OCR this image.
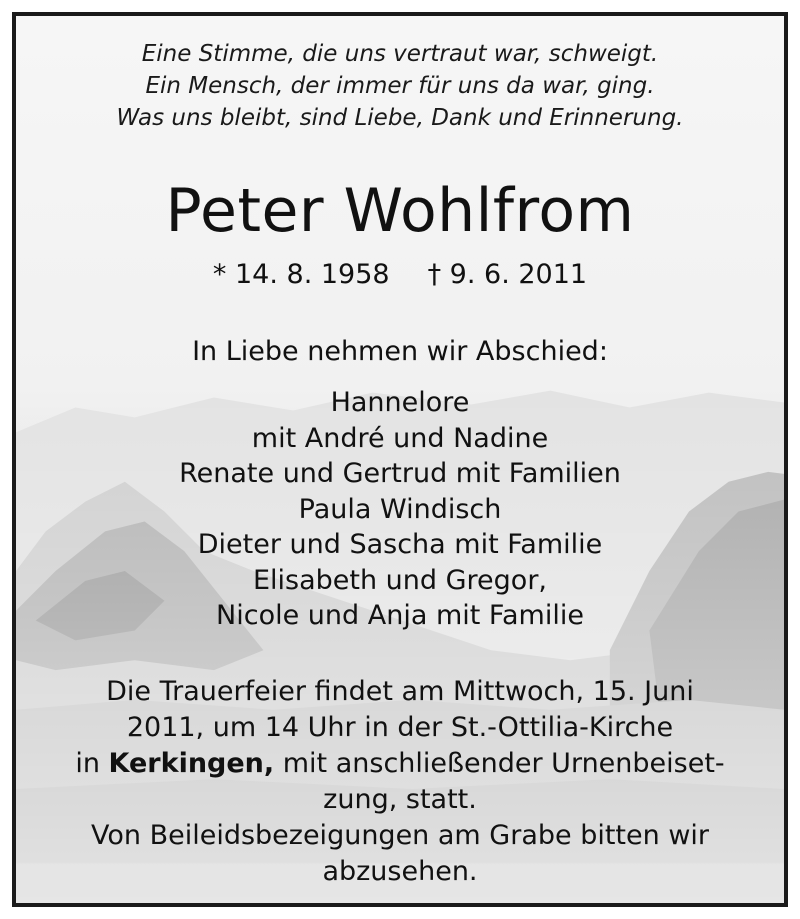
Eine Stimme, die uns vertraut war, schweigt.
Ein Mensch, der immer für uns da war, ging.
Was uns bleibt, sind Liebe, Dank und Erinnerung.
Peter Wohlfrom
* 14. 8. 1958 † 9. 6. 2011
In Liebe nehmen wir Abschied:
Hannelore
mit André und Nadine
Renate und Gertrud mit Familien
Paula Windisch
Dieter und Sascha mit Familie
Elisabeth und Gregor,
Nicole und Anja mit Familie
Die Trauerfeier findet am Mittwoch, 15. Juni
2011, um 14 Uhr in der St.-Ottilia-Kirche
in Kerkingen, mit anschließender Urnenbeiset-
zung, statt.
Von Beileidsbezeigungen am Grabe bitten wir
abzusehen.
